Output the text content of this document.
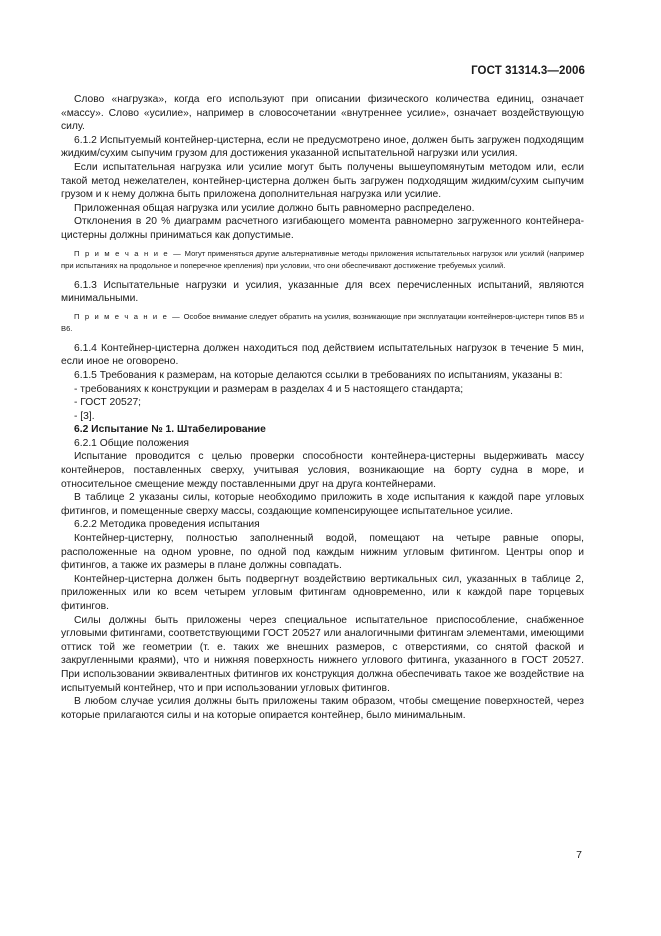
ГОСТ 31314.3—2006

Слово «нагрузка», когда его используют при описании физического количества единиц, означает «массу». Слово «усилие», например в словосочетании «внутреннее усилие», означает воздействующую силу.

6.1.2 Испытуемый контейнер-цистерна, если не предусмотрено иное, должен быть загружен подходящим жидким/сухим сыпучим грузом для достижения указанной испытательной нагрузки или усилия.

Если испытательная нагрузка или усилие могут быть получены вышеупомянутым методом или, если такой метод нежелателен, контейнер-цистерна должен быть загружен подходящим жидким/сухим сыпучим грузом и к нему должна быть приложена дополнительная нагрузка или усилие.

Приложенная общая нагрузка или усилие должно быть равномерно распределено.

Отклонения в 20 % диаграмм расчетного изгибающего момента равномерно загруженного контейнера-цистерны должны приниматься как допустимые.

П р и м е ч а н и е — Могут применяться другие альтернативные методы приложения испытательных нагрузок или усилий (например при испытаниях на продольное и поперечное крепления) при условии, что они обеспечивают достижение требуемых усилий.

6.1.3 Испытательные нагрузки и усилия, указанные для всех перечисленных испытаний, являются минимальными.

П р и м е ч а н и е — Особое внимание следует обратить на усилия, возникающие при эксплуатации контейнеров-цистерн типов В5 и В6.

6.1.4 Контейнер-цистерна должен находиться под действием испытательных нагрузок в течение 5 мин, если иное не оговорено.

6.1.5 Требования к размерам, на которые делаются ссылки в требованиях по испытаниям, указаны в:

- требованиях к конструкции и размерам в разделах 4 и 5 настоящего стандарта;

- ГОСТ 20527;

- [3].

6.2 Испытание № 1. Штабелирование

6.2.1 Общие положения

Испытание проводится с целью проверки способности контейнера-цистерны выдерживать массу контейнеров, поставленных сверху, учитывая условия, возникающие на борту судна в море, и относительное смещение между поставленными друг на друга контейнерами.

В таблице 2 указаны силы, которые необходимо приложить в ходе испытания к каждой паре угловых фитингов, и помещенные сверху массы, создающие компенсирующее испытательное усилие.

6.2.2 Методика проведения испытания

Контейнер-цистерну, полностью заполненный водой, помещают на четыре равные опоры, расположенные на одном уровне, по одной под каждым нижним угловым фитингом. Центры опор и фитингов, а также их размеры в плане должны совпадать.

Контейнер-цистерна должен быть подвергнут воздействию вертикальных сил, указанных в таблице 2, приложенных или ко всем четырем угловым фитингам одновременно, или к каждой паре торцевых фитингов.

Силы должны быть приложены через специальное испытательное приспособление, снабженное угловыми фитингами, соответствующими ГОСТ 20527 или аналогичными фитингам элементами, имеющими оттиск той же геометрии (т. е. таких же внешних размеров, с отверстиями, со снятой фаской и закругленными краями), что и нижняя поверхность нижнего углового фитинга, указанного в ГОСТ 20527. При использовании эквивалентных фитингов их конструкция должна обеспечивать такое же воздействие на испытуемый контейнер, что и при использовании угловых фитингов.

В любом случае усилия должны быть приложены таким образом, чтобы смещение поверхностей, через которые прилагаются силы и на которые опирается контейнер, было минимальным.

7
